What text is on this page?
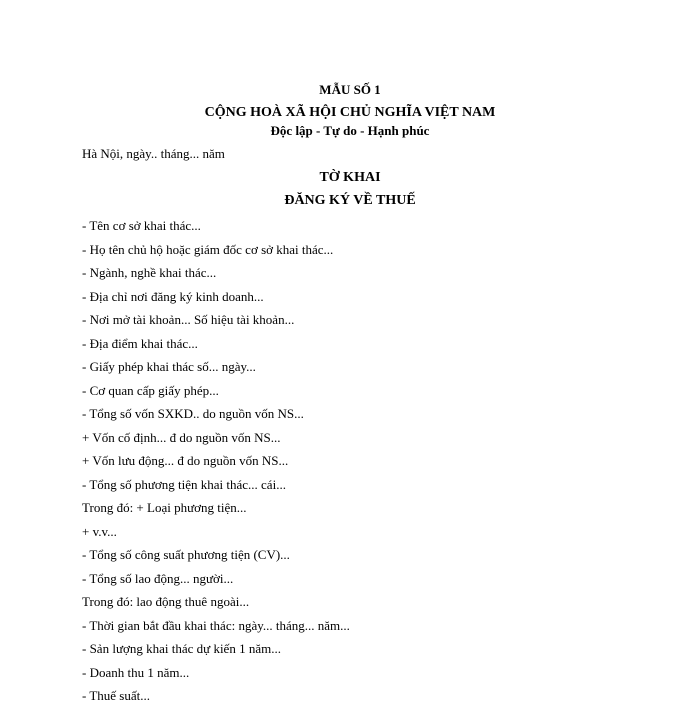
MẪU SỐ 1
CỘNG HOÀ XÃ HỘI CHỦ NGHĨA VIỆT NAM
Độc lập - Tự do - Hạnh phúc
Hà Nội, ngày.. tháng... năm
TỜ KHAI
ĐĂNG KÝ VỀ THUẾ
- Tên cơ sở khai thác...
- Họ tên chủ hộ hoặc giám đốc cơ sở khai thác...
- Ngành, nghề khai thác...
- Địa chỉ nơi đăng ký kinh doanh...
- Nơi mở tài khoản... Số hiệu tài khoản...
- Địa điểm khai thác...
- Giấy phép khai thác số... ngày...
- Cơ quan cấp giấy phép...
- Tổng số vốn SXKD.. do nguồn vốn NS...
+ Vốn cố định... đ do nguồn vốn NS...
+ Vốn lưu động... đ do nguồn vốn NS...
- Tổng số phương tiện khai thác... cái...
Trong đó: + Loại phương tiện...
+ v.v...
- Tổng số công suất phương tiện (CV)...
- Tổng số lao động... người...
Trong đó: lao động thuê ngoài...
- Thời gian bắt đầu khai thác: ngày... tháng... năm...
- Sản lượng khai thác dự kiến 1 năm...
- Doanh thu 1 năm...
- Thuế suất...
